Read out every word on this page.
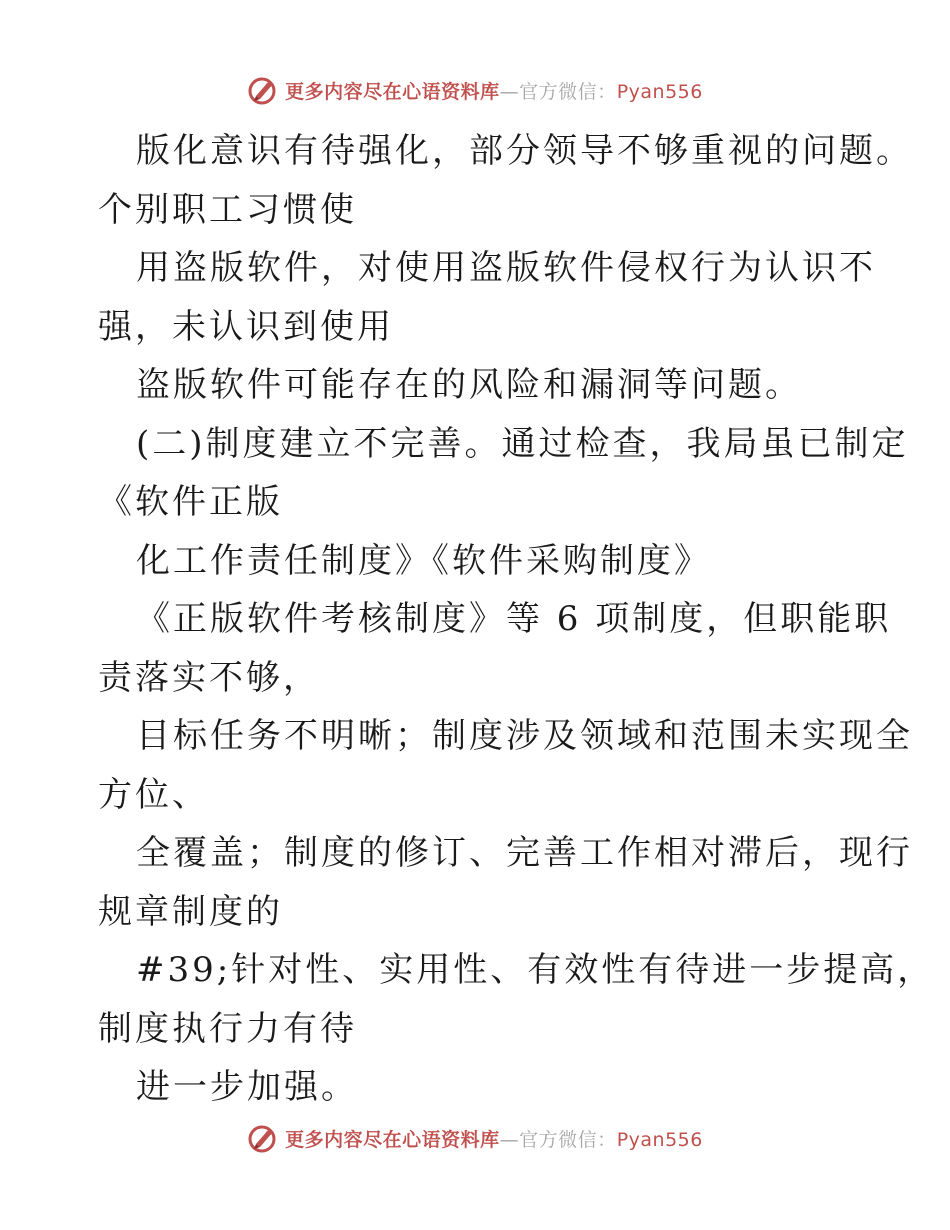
更多内容尽在心语资料库—官方微信：Pyan556
版化意识有待强化，部分领导不够重视的问题。
个别职工习惯使
用盗版软件，对使用盗版软件侵权行为认识不
强，未认识到使用
盗版软件可能存在的风险和漏洞等问题。
(二)制度建立不完善。通过检查，我局虽已制定
《软件正版
化工作责任制度》《软件采购制度》
《正版软件考核制度》等 6 项制度，但职能职
责落实不够，
目标任务不明晰；制度涉及领域和范围未实现全
方位、
全覆盖；制度的修订、完善工作相对滞后，现行
规章制度的
#39;针对性、实用性、有效性有待进一步提高，
制度执行力有待
进一步加强。
更多内容尽在心语资料库—官方微信：Pyan556
